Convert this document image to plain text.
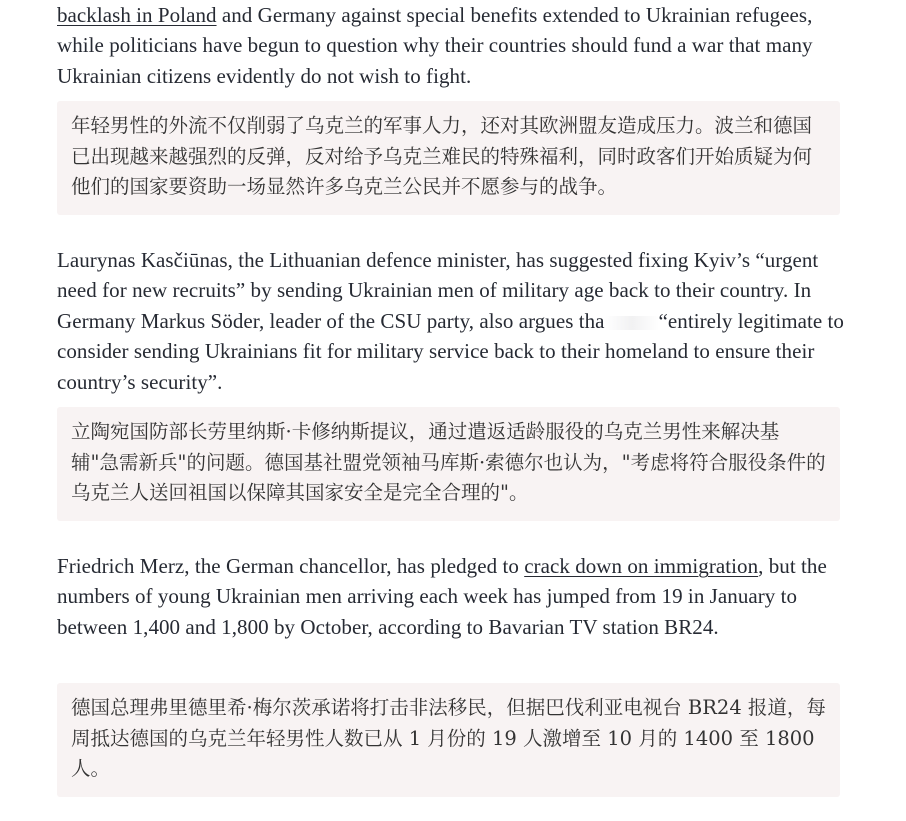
backlash in Poland and Germany against special benefits extended to Ukrainian refugees, while politicians have begun to question why their countries should fund a war that many Ukrainian citizens evidently do not wish to fight.

年轻男性的外流不仅削弱了乌克兰的军事人力，还对其欧洲盟友造成压力。波兰和德国已出现越来越强烈的反弹，反对给予乌克兰难民的特殊福利，同时政客们开始质疑为何他们的国家要资助一场显然许多乌克兰公民并不愿参与的战争。

Laurynas Kasčiūnas, the Lithuanian defence minister, has suggested fixing Kyiv’s “urgent need for new recruits” by sending Ukrainian men of military age back to their country. In Germany Markus Söder, leader of the CSU party, also argues tha	“entirely legitimate to consider sending Ukrainians fit for military service back to their homeland to ensure their country’s security”.

立陶宛国防部长劳里纳斯·卡修纳斯提议，通过遣返适龄服役的乌克兰男性来解决基辅"急需新兵"的问题。德国基社盟党领袖马库斯·索德尔也认为，"考虑将符合服役条件的乌克兰人送回祖国以保障其国家安全是完全合理的"。

Friedrich Merz, the German chancellor, has pledged to crack down on immigration, but the numbers of young Ukrainian men arriving each week has jumped from 19 in January to between 1,400 and 1,800 by October, according to Bavarian TV station BR24.

德国总理弗里德里希·梅尔茨承诺将打击非法移民，但据巴伐利亚电视台 BR24 报道，每周抵达德国的乌克兰年轻男性人数已从 1 月份的 19 人激增至 10 月的 1400 至 1800 人。
